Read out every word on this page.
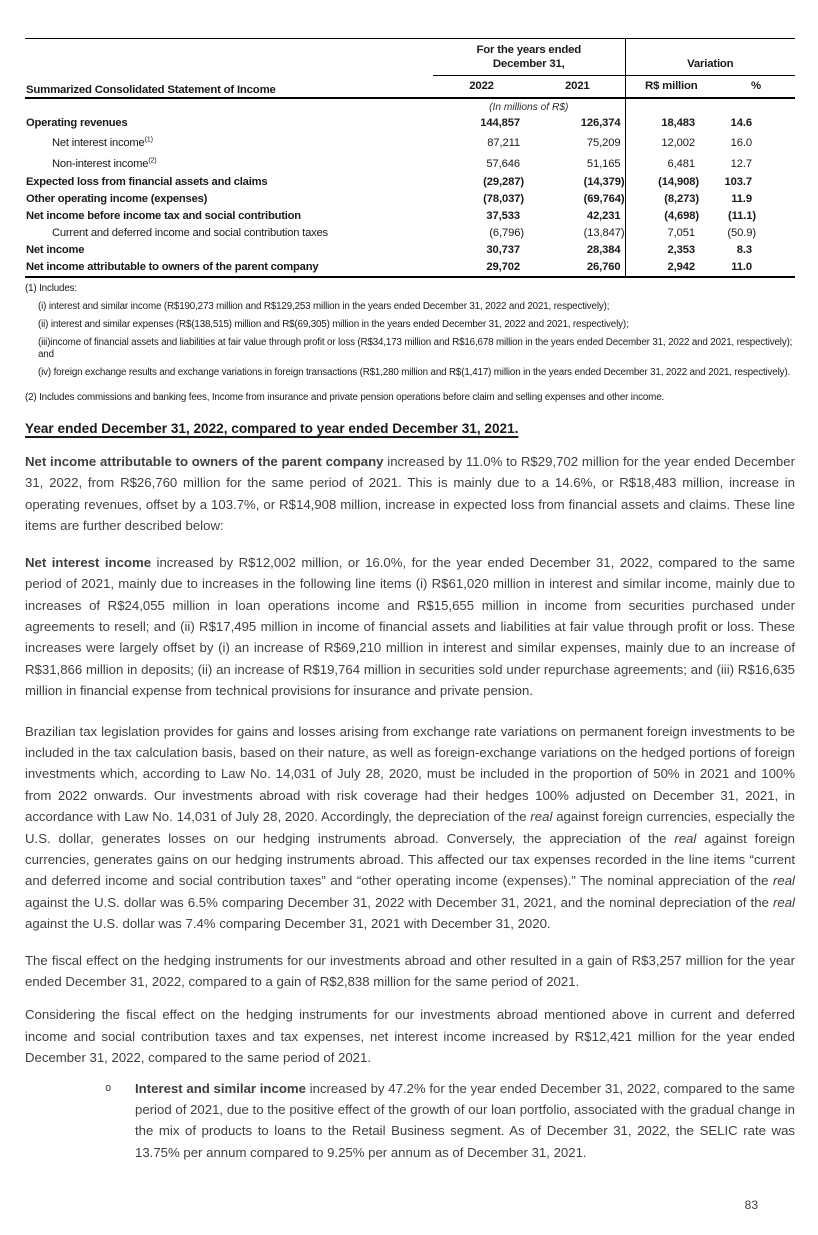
Summarized Consolidated Statement of Income	For the years ended
December 31,		Variation	
	2022	2021	R$ million	%
	(In millions of R$)			
Operating revenues	144,857	126,374	18,483	14.6
Net interest income$^{(1)}$	87,211	75,209	12,002	16.0
Non-interest income$^{(2)}$	57,646	51,165	6,481	12.7
Expected loss from financial assets and claims	(29,287)	(14,379)	(14,908)	103.7
Other operating income (expenses)	(78,037)	(69,764)	(8,273)	11.9
Net income before income tax and social contribution	37,533	42,231	(4,698)	(11.1)
Current and deferred income and social contribution taxes	(6,796)	(13,847)	7,051	(50.9)
Net income	30,737	28,384	2,353	8.3
Net income attributable to owners of the parent company	29,702	26,760	2,942	11.0
(1) Includes:
(i) interest and similar income (R$190,273 million and R$129,253 million in the years ended December 31, 2022 and 2021, respectively);
(ii) interest and similar expenses (R$(138,515) million and R$(69,305) million in the years ended December 31, 2022 and 2021, respectively);
(iii)income of financial assets and liabilities at fair value through profit or loss (R$34,173 million and R$16,678 million in the years ended December 31, 2022 and 2021, respectively); and
(iv) foreign exchange results and exchange variations in foreign transactions (R$1,280 million and R$(1,417) million in the years ended December 31, 2022 and 2021, respectively).
(2) Includes commissions and banking fees, Income from insurance and private pension operations before claim and selling expenses and other income.
Year ended December 31, 2022, compared to year ended December 31, 2021.
Net income attributable to owners of the parent company increased by 11.0% to R$29,702 million for the year ended December 31, 2022, from R$26,760 million for the same period of 2021. This is mainly due to a 14.6%, or R$18,483 million, increase in operating revenues, offset by a 103.7%, or R$14,908 million, increase in expected loss from financial assets and claims. These line items are further described below:
Net interest income increased by R$12,002 million, or 16.0%, for the year ended December 31, 2022, compared to the same period of 2021, mainly due to increases in the following line items (i) R$61,020 million in interest and similar income, mainly due to increases of R$24,055 million in loan operations income and R$15,655 million in income from securities purchased under agreements to resell; and (ii) R$17,495 million in income of financial assets and liabilities at fair value through profit or loss. These increases were largely offset by (i) an increase of R$69,210 million in interest and similar expenses, mainly due to an increase of R$31,866 million in deposits; (ii) an increase of R$19,764 million in securities sold under repurchase agreements; and (iii) R$16,635 million in financial expense from technical provisions for insurance and private pension.
Brazilian tax legislation provides for gains and losses arising from exchange rate variations on permanent foreign investments to be included in the tax calculation basis, based on their nature, as well as foreign-exchange variations on the hedged portions of foreign investments which, according to Law No. 14,031 of July 28, 2020, must be included in the proportion of 50% in 2021 and 100% from 2022 onwards. Our investments abroad with risk coverage had their hedges 100% adjusted on December 31, 2021, in accordance with Law No. 14,031 of July 28, 2020. Accordingly, the depreciation of the real against foreign currencies, especially the U.S. dollar, generates losses on our hedging instruments abroad. Conversely, the appreciation of the real against foreign currencies, generates gains on our hedging instruments abroad. This affected our tax expenses recorded in the line items “current and deferred income and social contribution taxes” and “other operating income (expenses).” The nominal appreciation of the real against the U.S. dollar was 6.5% comparing December 31, 2022 with December 31, 2021, and the nominal depreciation of the real against the U.S. dollar was 7.4% comparing December 31, 2021 with December 31, 2020.
The fiscal effect on the hedging instruments for our investments abroad and other resulted in a gain of R$3,257 million for the year ended December 31, 2022, compared to a gain of R$2,838 million for the same period of 2021.
Considering the fiscal effect on the hedging instruments for our investments abroad mentioned above in current and deferred income and social contribution taxes and tax expenses, net interest income increased by R$12,421 million for the year ended December 31, 2022, compared to the same period of 2021.
o	Interest and similar income increased by 47.2% for the year ended December 31, 2022, compared to the same period of 2021, due to the positive effect of the growth of our loan portfolio, associated with the gradual change in the mix of products to loans to the Retail Business segment. As of December 31, 2022, the SELIC rate was 13.75% per annum compared to 9.25% per annum as of December 31, 2021.
83
